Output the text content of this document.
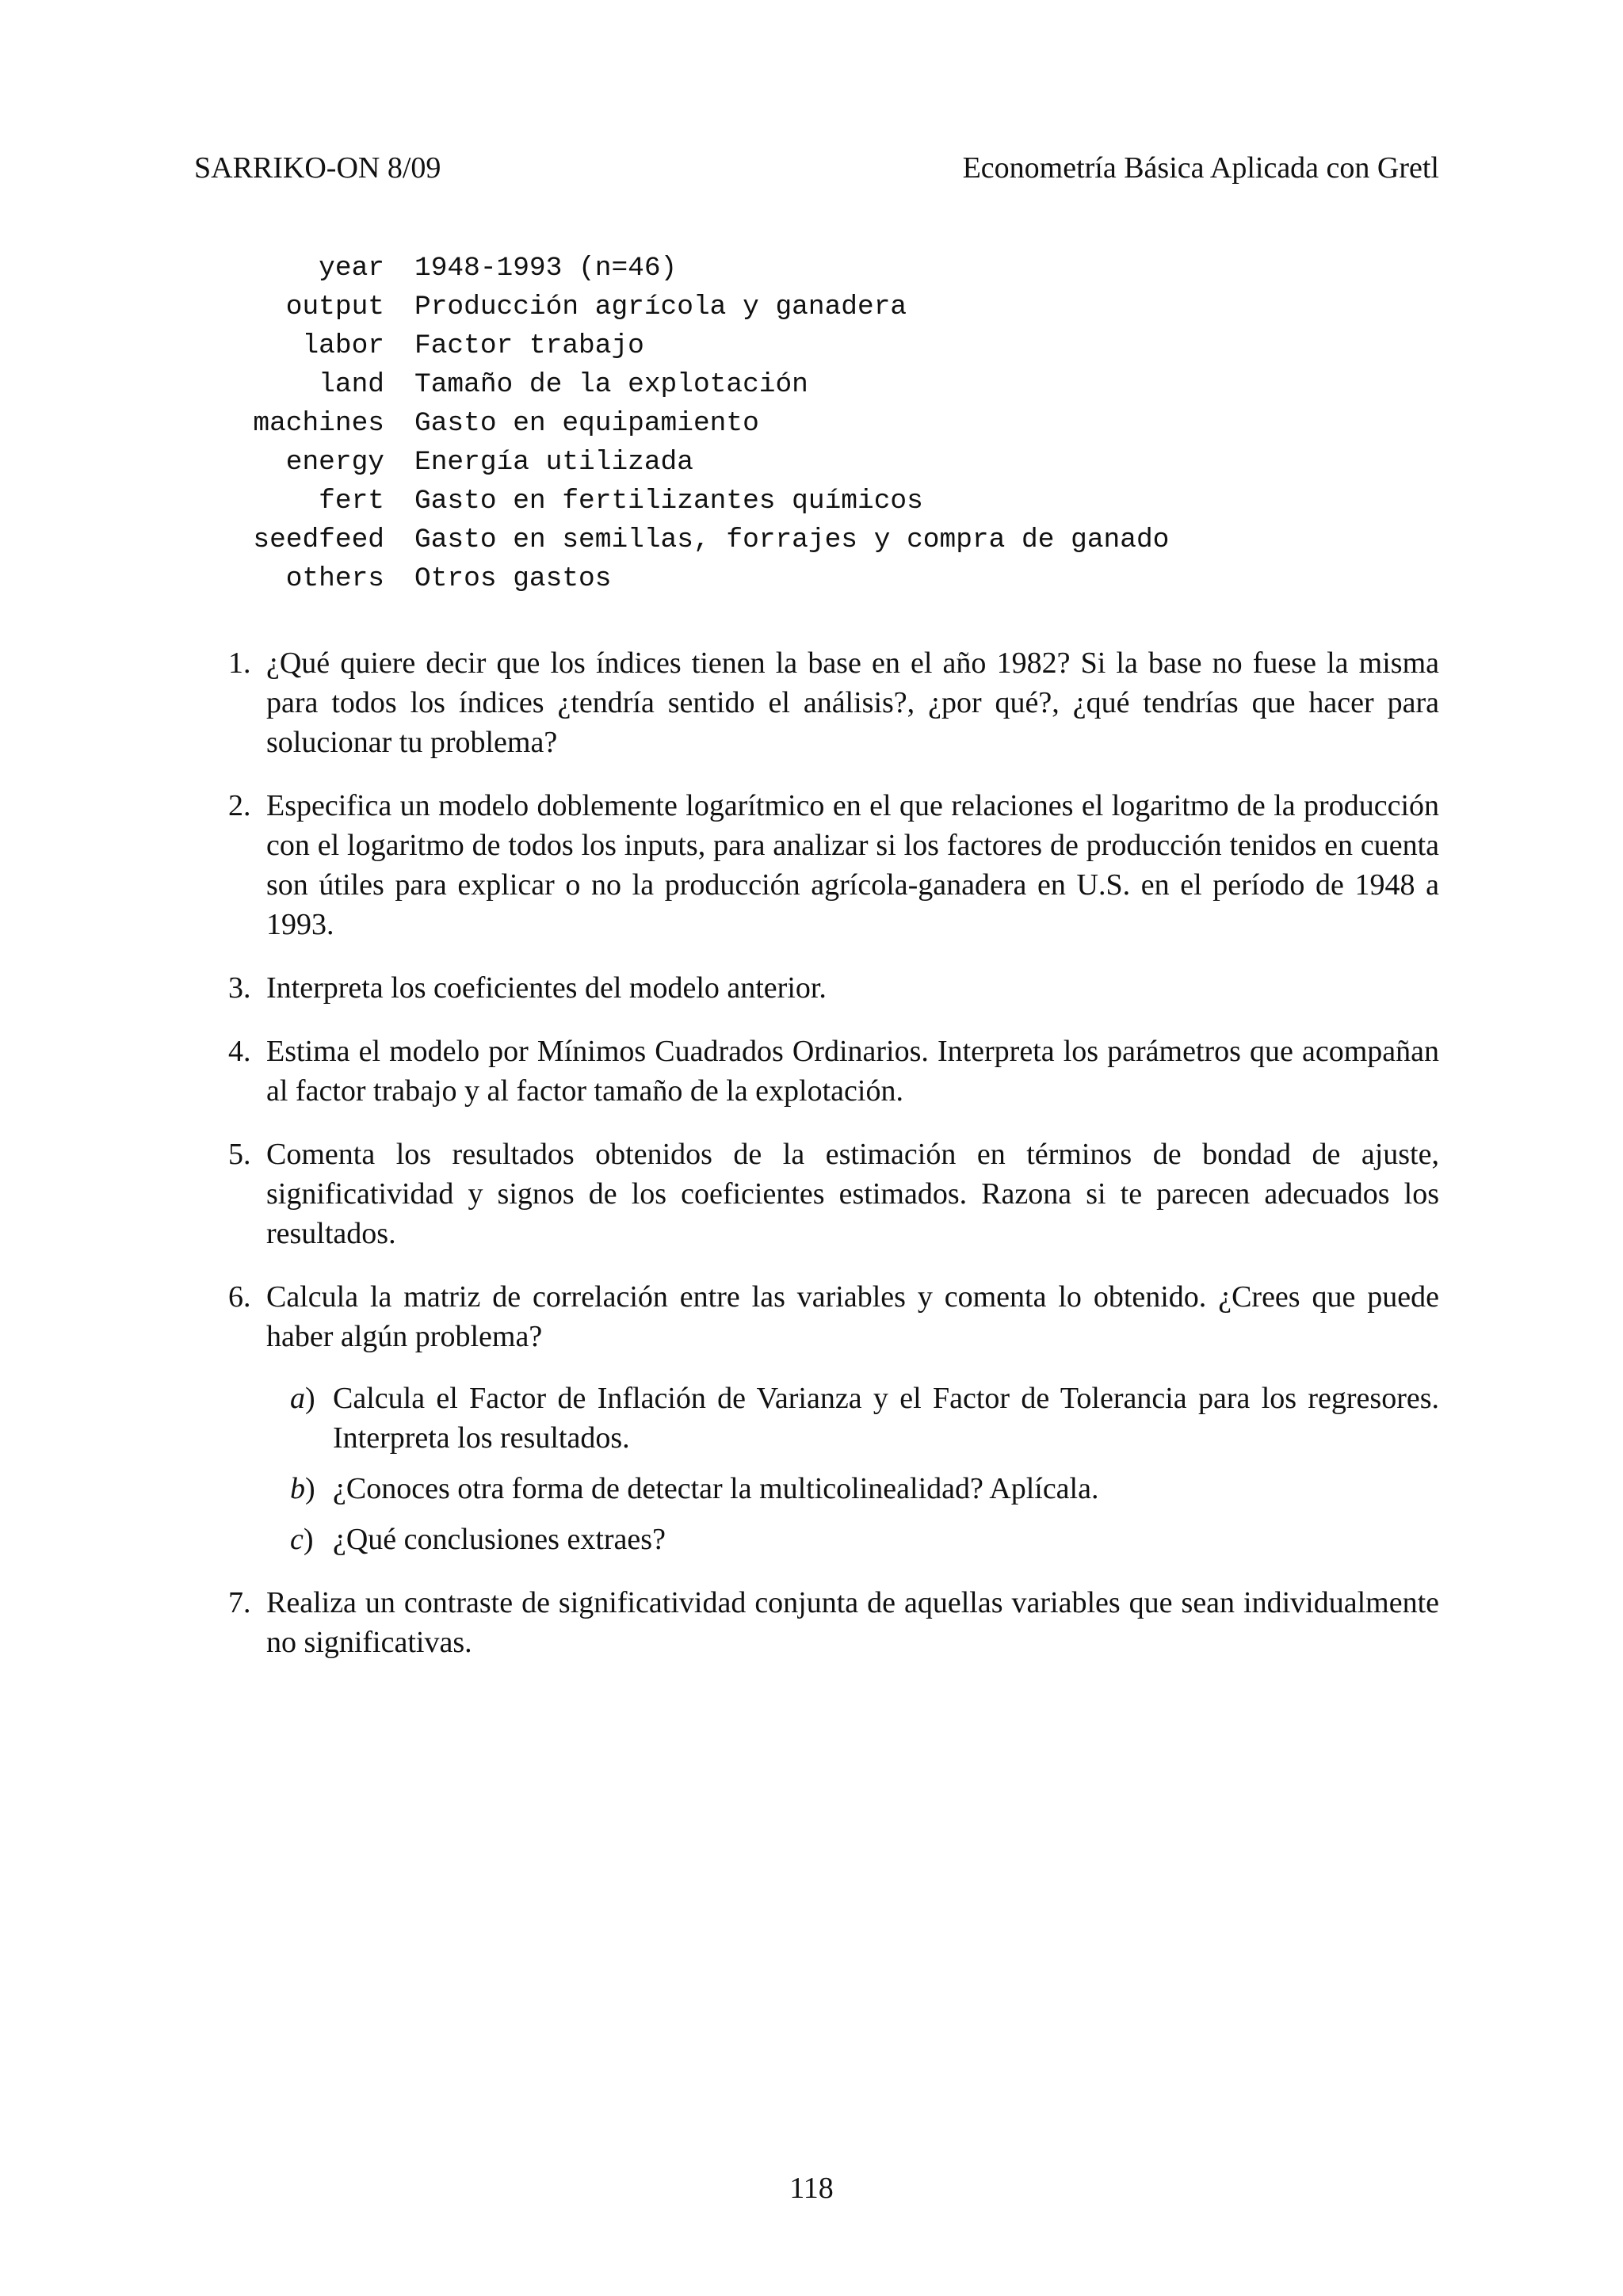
SARRIKO-ON 8/09	Econometría Básica Aplicada con Gretl
year 1948-1993 (n=46)
output Producción agrícola y ganadera
labor Factor trabajo
land Tamaño de la explotación
machines Gasto en equipamiento
energy Energía utilizada
fert Gasto en fertilizantes químicos
seedfeed Gasto en semillas, forrajes y compra de ganado
others Otros gastos
1. ¿Qué quiere decir que los índices tienen la base en el año 1982? Si la base no fuese la misma para todos los índices ¿tendría sentido el análisis?, ¿por qué?, ¿qué tendrías que hacer para solucionar tu problema?
2. Especifica un modelo doblemente logarítmico en el que relaciones el logaritmo de la producción con el logaritmo de todos los inputs, para analizar si los factores de producción tenidos en cuenta son útiles para explicar o no la producción agrícola-ganadera en U.S. en el período de 1948 a 1993.
3. Interpreta los coeficientes del modelo anterior.
4. Estima el modelo por Mínimos Cuadrados Ordinarios. Interpreta los parámetros que acompañan al factor trabajo y al factor tamaño de la explotación.
5. Comenta los resultados obtenidos de la estimación en términos de bondad de ajuste, significatividad y signos de los coeficientes estimados. Razona si te parecen adecuados los resultados.
6. Calcula la matriz de correlación entre las variables y comenta lo obtenido. ¿Crees que puede haber algún problema?
a) Calcula el Factor de Inflación de Varianza y el Factor de Tolerancia para los regresores. Interpreta los resultados.
b) ¿Conoces otra forma de detectar la multicolinealidad? Aplícala.
c) ¿Qué conclusiones extraes?
7. Realiza un contraste de significatividad conjunta de aquellas variables que sean individualmente no significativas.
118
